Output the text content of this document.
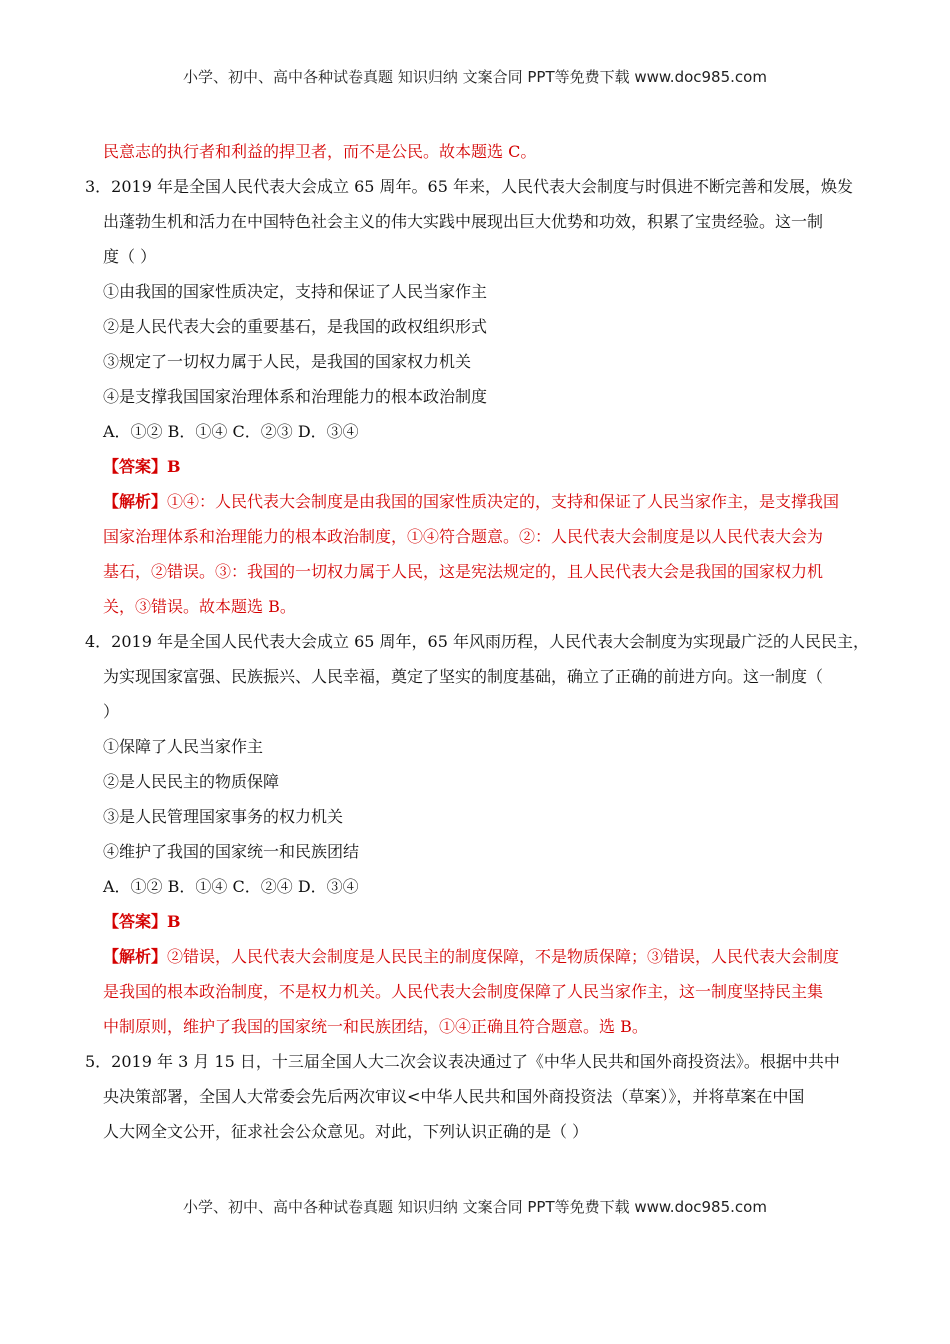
小学、初中、高中各种试卷真题 知识归纳 文案合同 PPT等免费下载 www.doc985.com
民意志的执行者和利益的捍卫者，而不是公民。故本题选 C。
3．2019 年是全国人民代表大会成立 65 周年。65 年来，人民代表大会制度与时俱进不断完善和发展，焕发
出蓬勃生机和活力在中国特色社会主义的伟大实践中展现出巨大优势和功效，积累了宝贵经验。这一制
度（ ）
①由我国的国家性质决定，支持和保证了人民当家作主
②是人民代表大会的重要基石，是我国的政权组织形式
③规定了一切权力属于人民，是我国的国家权力机关
④是支撑我国国家治理体系和治理能力的根本政治制度
A．①② B．①④ C．②③ D．③④
【答案】B
【解析】①④：人民代表大会制度是由我国的国家性质决定的，支持和保证了人民当家作主，是支撑我国
国家治理体系和治理能力的根本政治制度，①④符合题意。②：人民代表大会制度是以人民代表大会为
基石，②错误。③：我国的一切权力属于人民，这是宪法规定的，且人民代表大会是我国的国家权力机
关，③错误。故本题选 B。
4．2019 年是全国人民代表大会成立 65 周年，65 年风雨历程，人民代表大会制度为实现最广泛的人民民主，
为实现国家富强、民族振兴、人民幸福，奠定了坚实的制度基础，确立了正确的前进方向。这一制度（
）
①保障了人民当家作主
②是人民民主的物质保障
③是人民管理国家事务的权力机关
④维护了我国的国家统一和民族团结
A．①② B．①④ C．②④ D．③④
【答案】B
【解析】②错误，人民代表大会制度是人民民主的制度保障，不是物质保障；③错误，人民代表大会制度
是我国的根本政治制度，不是权力机关。人民代表大会制度保障了人民当家作主，这一制度坚持民主集
中制原则，维护了我国的国家统一和民族团结，①④正确且符合题意。选 B。
5．2019 年 3 月 15 日，十三届全国人大二次会议表决通过了《中华人民共和国外商投资法》。根据中共中
央决策部署，全国人大常委会先后两次审议<中华人民共和国外商投资法（草案）》，并将草案在中国
人大网全文公开，征求社会公众意见。对此，下列认识正确的是（ ）
小学、初中、高中各种试卷真题 知识归纳 文案合同 PPT等免费下载 www.doc985.com
